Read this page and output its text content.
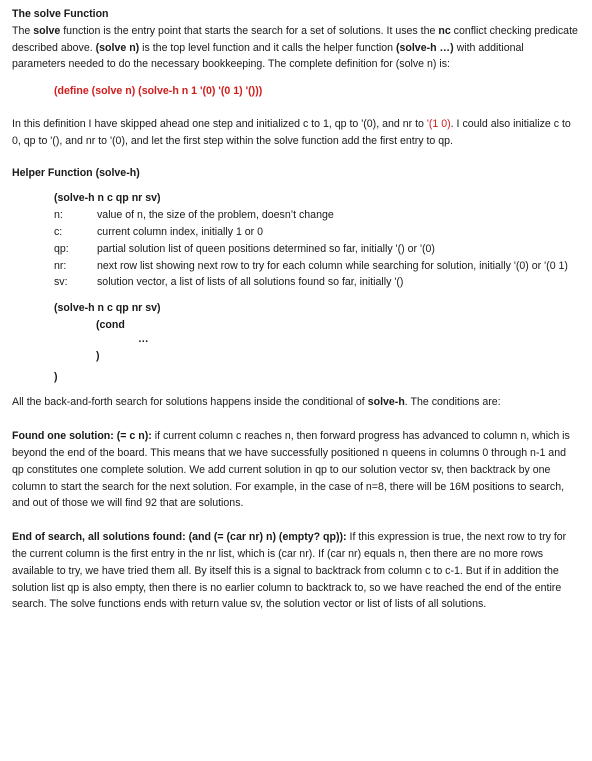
The solve Function

The solve function is the entry point that starts the search for a set of solutions. It uses the nc conflict checking predicate described above. (solve n) is the top level function and it calls the helper function (solve-h …) with additional parameters needed to do the necessary bookkeeping. The complete definition for (solve n) is:

(define (solve n) (solve-h n 1 '(0) '(0 1) '()))

In this definition I have skipped ahead one step and initialized c to 1, qp to '(0), and nr to '(1 0). I could also initialize c to 0, qp to '(), and nr to '(0), and let the first step within the solve function add the first entry to qp.

Helper Function (solve-h)
(solve-h n c qp nr sv)
n:	value of n, the size of the problem, doesn’t change
c:	current column index, initially 1 or 0
qp:	partial solution list of queen positions determined so far, initially '() or '(0)
nr:	next row list showing next row to try for each column while searching for solution, initially '(0) or '(0 1)
sv:	solution vector, a list of lists of all solutions found so far, initially '()
(solve-h n c qp nr sv)
(cond
…
)
)

All the back-and-forth search for solutions happens inside the conditional of solve-h. The conditions are:

Found one solution: (= c n): if current column c reaches n, then forward progress has advanced to column n, which is beyond the end of the board. This means that we have successfully positioned n queens in columns 0 through n-1 and qp constitutes one complete solution. We add current solution in qp to our solution vector sv, then backtrack by one column to start the search for the next solution. For example, in the case of n=8, there will be 16M positions to search, and out of those we will find 92 that are solutions.

End of search, all solutions found: (and (= (car nr) n) (empty? qp)): If this expression is true, the next row to try for the current column is the first entry in the nr list, which is (car nr). If (car nr) equals n, then there are no more rows available to try, we have tried them all. By itself this is a signal to backtrack from column c to c-1. But if in addition the solution list qp is also empty, then there is no earlier column to backtrack to, so we have reached the end of the entire search. The solve functions ends with return value sv, the solution vector or list of lists of all solutions.
